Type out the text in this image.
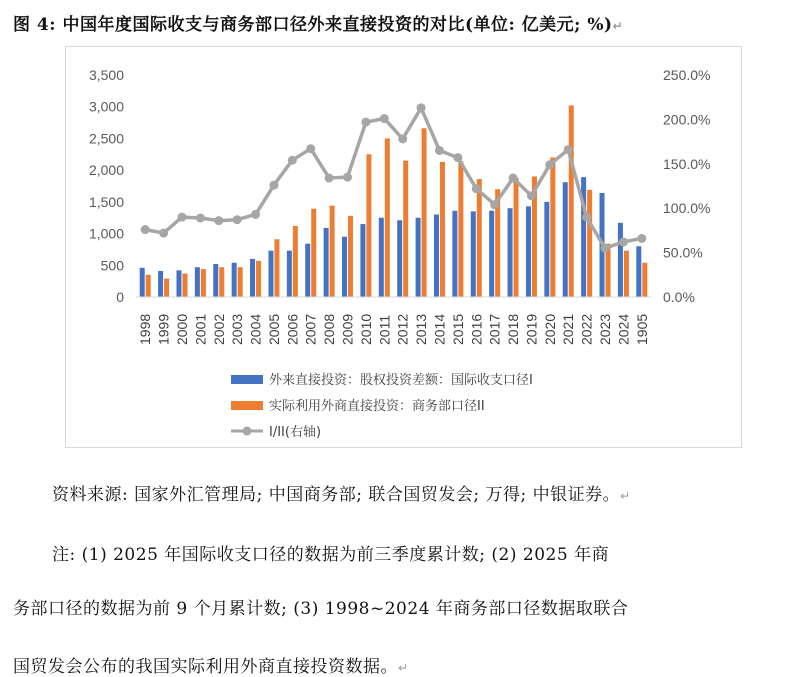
图 4: 中国年度国际收支与商务部口径外来直接投资的对比(单位: 亿美元; %)↵
0
500
1,000
1,500
2,000
2,500
3,000
3,500
0.0%
50.0%
100.0%
150.0%
200.0%
250.0%
1998 1999 2000 2001 2002 2003 2004 2005 2006 2007 2008 2009 2010 2011 2012 2013 2014 2015 2016 2017 2018 2019 2020 2021 2022 2023 2024 1905
外来直接投资：股权投资差额：国际收支口径I
实际利用外商直接投资：商务部口径II
I/II(右轴)
资料来源: 国家外汇管理局; 中国商务部; 联合国贸发会; 万得; 中银证券。↵
注: (1) 2025 年国际收支口径的数据为前三季度累计数; (2) 2025 年商
务部口径的数据为前 9 个月累计数; (3) 1998~2024 年商务部口径数据取联合
国贸发会公布的我国实际利用外商直接投资数据。↵
